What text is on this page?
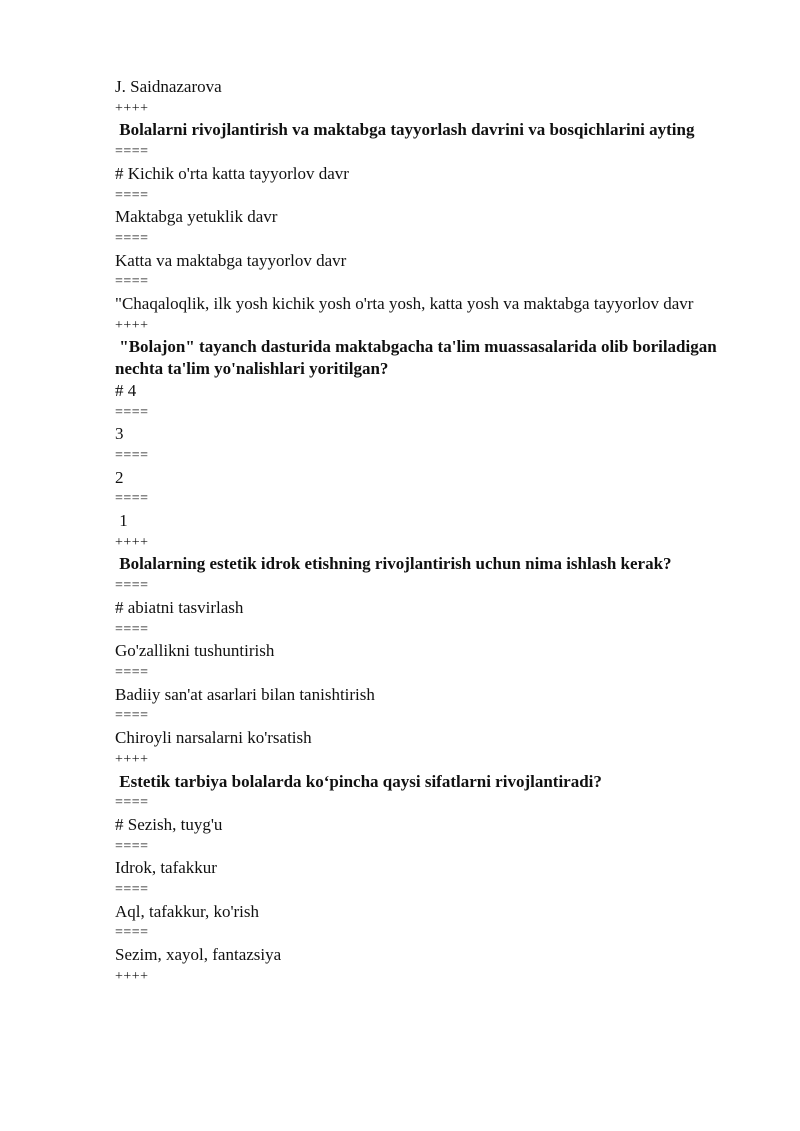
J. Saidnazarova
++++
Bolalarni rivojlantirish va maktabga tayyorlash davrini va bosqichlarini ayting
====
# Kichik o'rta katta tayyorlov davr
====
Maktabga yetuklik davr
====
Katta va maktabga tayyorlov davr
====
"Chaqaloqlik, ilk yosh kichik yosh o'rta yosh, katta yosh va maktabga tayyorlov davr
++++
"Bolajon" tayanch dasturida maktabgacha ta'lim muassasalarida olib boriladigan nechta ta'lim yo'nalishlari yoritilgan?
# 4
====
3
====
2
====
1
++++
Bolalarning estetik idrok etishning rivojlantirish uchun nima ishlash kerak?
====
# abiatni tasvirlash
====
Go'zallikni tushuntirish
====
Badiiy san'at asarlari bilan tanishtirish
====
Chiroyli narsalarni ko'rsatish
++++
Estetik tarbiya bolalarda ko‘pincha qaysi sifatlarni rivojlantiradi?
====
# Sezish, tuyg'u
====
Idrok, tafakkur
====
Aql, tafakkur, ko'rish
====
Sezim, xayol, fantazsiya
++++
